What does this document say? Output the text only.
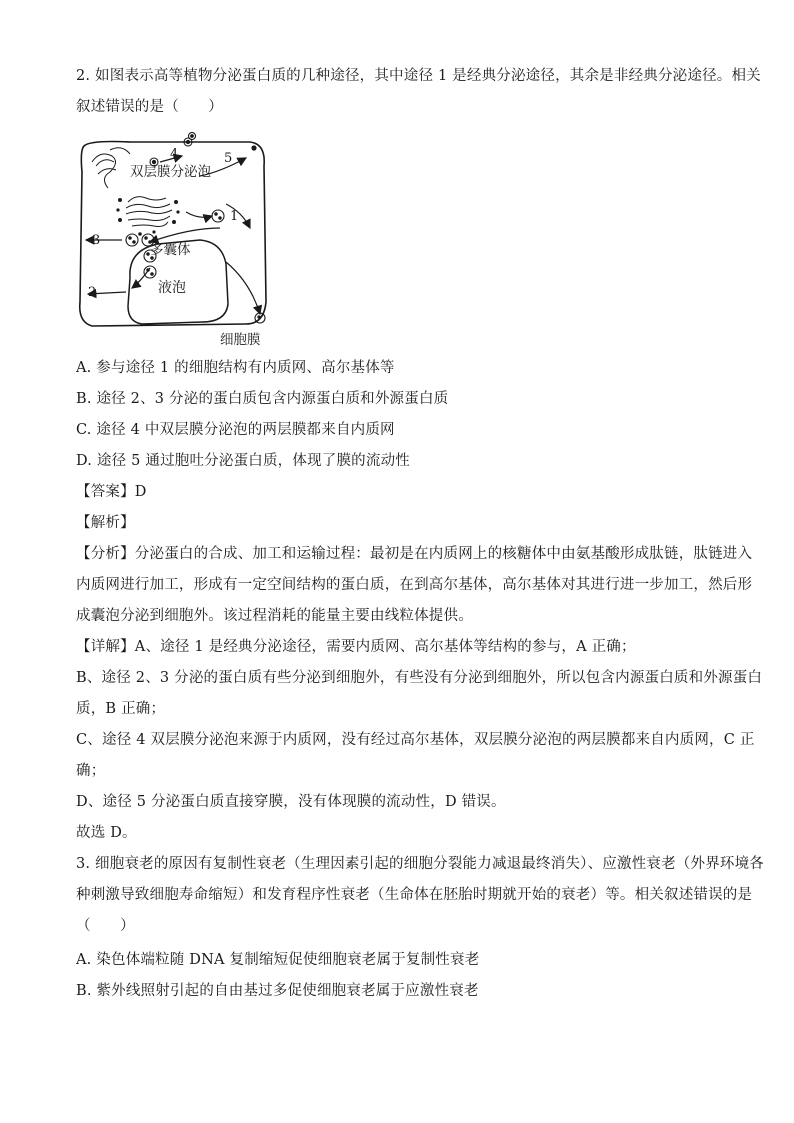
2. 如图表示高等植物分泌蛋白质的几种途径，其中途径 1 是经典分泌途径，其余是非经典分泌途径。相关
叙述错误的是（　　）
双层膜分泌泡
多囊体
液泡
细胞膜
1
2
3
4	5
A. 参与途径 1 的细胞结构有内质网、高尔基体等
B. 途径 2、3 分泌的蛋白质包含内源蛋白质和外源蛋白质
C. 途径 4 中双层膜分泌泡的两层膜都来自内质网
D. 途径 5 通过胞吐分泌蛋白质，体现了膜的流动性
【答案】D
【解析】
【分析】分泌蛋白的合成、加工和运输过程：最初是在内质网上的核糖体中由氨基酸形成肽链，肽链进入
内质网进行加工，形成有一定空间结构的蛋白质，在到高尔基体，高尔基体对其进行进一步加工，然后形
成囊泡分泌到细胞外。该过程消耗的能量主要由线粒体提供。
【详解】A、途径 1 是经典分泌途径，需要内质网、高尔基体等结构的参与，A 正确；
B、途径 2、3 分泌的蛋白质有些分泌到细胞外，有些没有分泌到细胞外，所以包含内源蛋白质和外源蛋白
质，B 正确；
C、途径 4 双层膜分泌泡来源于内质网，没有经过高尔基体，双层膜分泌泡的两层膜都来自内质网，C 正
确；
D、途径 5 分泌蛋白质直接穿膜，没有体现膜的流动性，D 错误。
故选 D。
3. 细胞衰老的原因有复制性衰老（生理因素引起的细胞分裂能力减退最终消失）、应激性衰老（外界环境各
种刺激导致细胞寿命缩短）和发育程序性衰老（生命体在胚胎时期就开始的衰老）等。相关叙述错误的是
（　　）
A. 染色体端粒随 DNA 复制缩短促使细胞衰老属于复制性衰老
B. 紫外线照射引起的自由基过多促使细胞衰老属于应激性衰老
